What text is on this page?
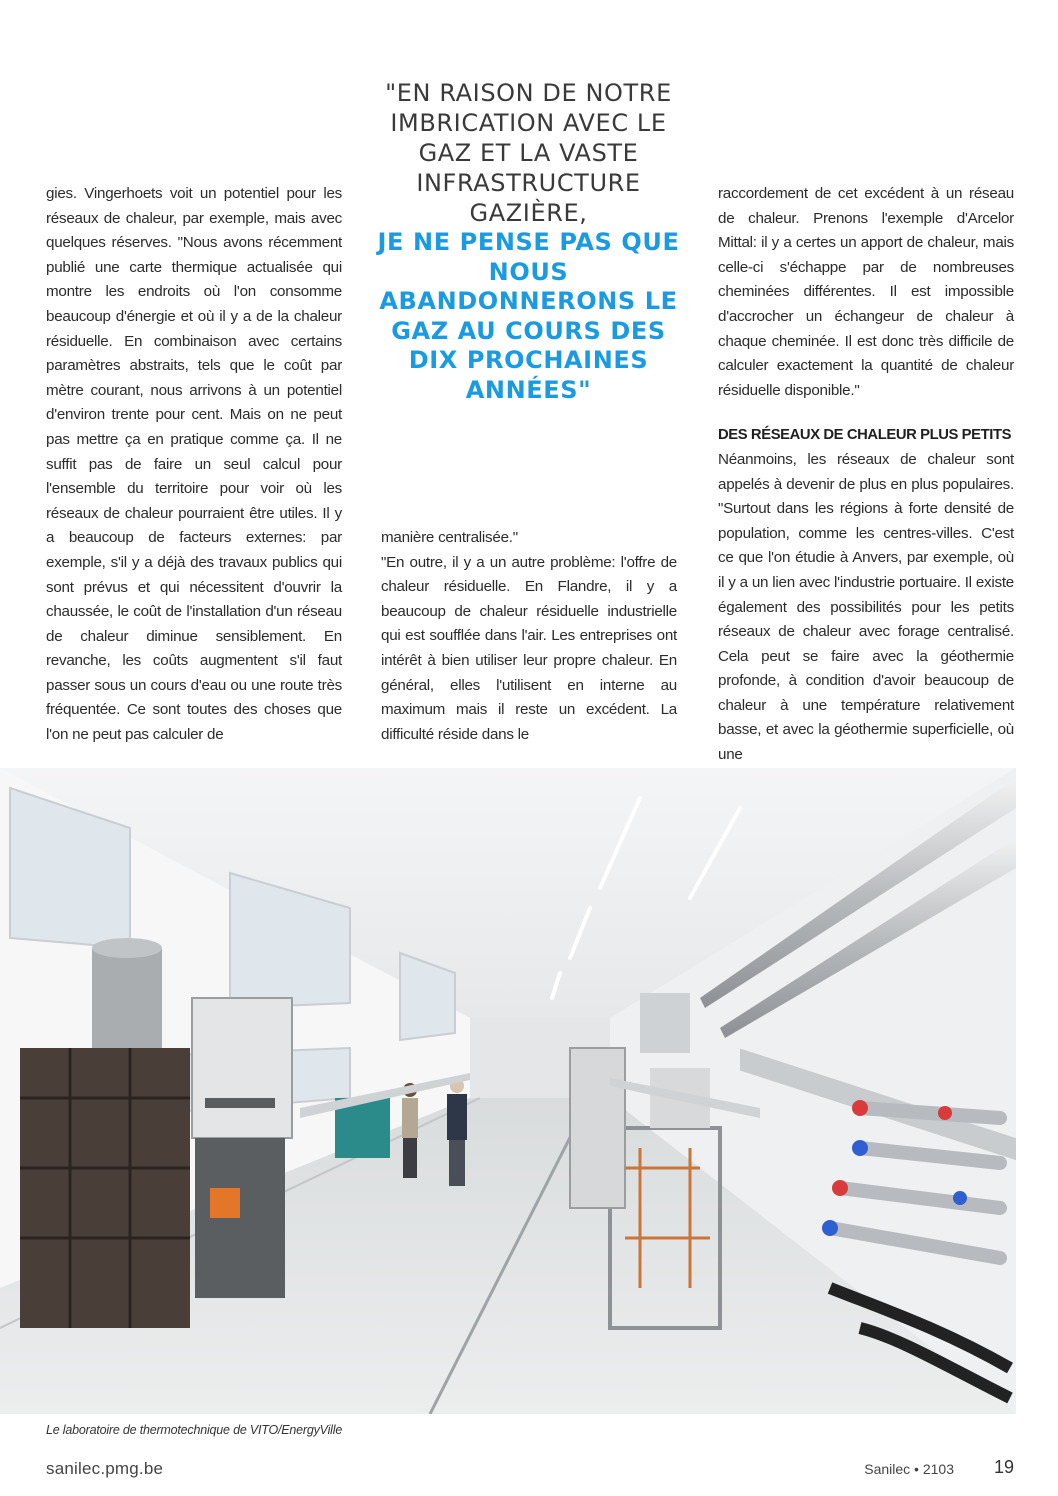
gies. Vingerhoets voit un potentiel pour les réseaux de chaleur, par exemple, mais avec quelques réserves. "Nous avons récemment publié une carte thermique actualisée qui montre les endroits où l'on consomme beaucoup d'énergie et où il y a de la chaleur résiduelle. En combinaison avec certains paramètres abstraits, tels que le coût par mètre courant, nous arrivons à un potentiel d'environ trente pour cent. Mais on ne peut pas mettre ça en pratique comme ça. Il ne suffit pas de faire un seul calcul pour l'ensemble du territoire pour voir où les réseaux de chaleur pourraient être utiles. Il y a beaucoup de facteurs externes: par exemple, s'il y a déjà des travaux publics qui sont prévus et qui nécessitent d'ouvrir la chaussée, le coût de l'installation d'un réseau de chaleur diminue sensiblement. En revanche, les coûts augmentent s'il faut passer sous un cours d'eau ou une route très fréquentée. Ce sont toutes des choses que l'on ne peut pas calculer de

"EN RAISON DE NOTRE IMBRICATION AVEC LE GAZ ET LA VASTE INFRASTRUCTURE GAZIÈRE,
JE NE PENSE PAS QUE NOUS ABANDONNERONS LE GAZ AU COURS DES DIX PROCHAINES ANNÉES"

manière centralisée."

"En outre, il y a un autre problème: l'offre de chaleur résiduelle. En Flandre, il y a beaucoup de chaleur résiduelle industrielle qui est soufflée dans l'air. Les entreprises ont intérêt à bien utiliser leur propre chaleur. En général, elles l'utilisent en interne au maximum mais il reste un excédent. La difficulté réside dans le

raccordement de cet excédent à un réseau de chaleur. Prenons l'exemple d'Arcelor Mittal: il y a certes un apport de chaleur, mais celle-ci s'échappe par de nombreuses cheminées différentes. Il est impossible d'accrocher un échangeur de chaleur à chaque cheminée. Il est donc très difficile de calculer exactement la quantité de chaleur résiduelle disponible."

DES RÉSEAUX DE CHALEUR PLUS PETITS

Néanmoins, les réseaux de chaleur sont appelés à devenir de plus en plus populaires. "Surtout dans les régions à forte densité de population, comme les centres-villes. C'est ce que l'on étudie à Anvers, par exemple, où il y a un lien avec l'industrie portuaire. Il existe également des possibilités pour les petits réseaux de chaleur avec forage centralisé. Cela peut se faire avec la géothermie profonde, à condition d'avoir beaucoup de chaleur à une température relativement basse, et avec la géothermie superficielle, où une

Le laboratoire de thermotechnique de VITO/EnergyVille
sanilec.pmg.be	Sanilec • 2103 19
